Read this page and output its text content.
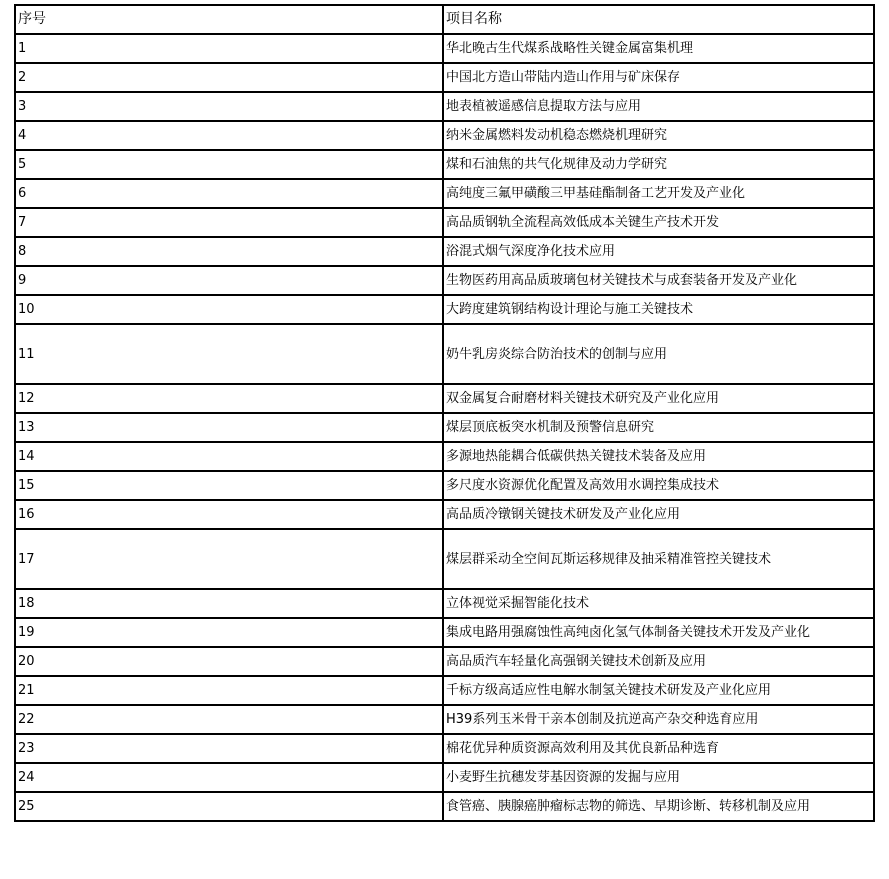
序号	项目名称
1	华北晚古生代煤系战略性关键金属富集机理
2	中国北方造山带陆内造山作用与矿床保存
3	地表植被遥感信息提取方法与应用
4	纳米金属燃料发动机稳态燃烧机理研究
5	煤和石油焦的共气化规律及动力学研究
6	高纯度三氟甲磺酸三甲基硅酯制备工艺开发及产业化
7	高品质钢轨全流程高效低成本关键生产技术开发
8	浴混式烟气深度净化技术应用
9	生物医药用高品质玻璃包材关键技术与成套装备开发及产业化
10	大跨度建筑钢结构设计理论与施工关键技术
11	奶牛乳房炎综合防治技术的创制与应用
12	双金属复合耐磨材料关键技术研究及产业化应用
13	煤层顶底板突水机制及预警信息研究
14	多源地热能耦合低碳供热关键技术装备及应用
15	多尺度水资源优化配置及高效用水调控集成技术
16	高品质冷镦钢关键技术研发及产业化应用
17	煤层群采动全空间瓦斯运移规律及抽采精准管控关键技术
18	立体视觉采掘智能化技术
19	集成电路用强腐蚀性高纯卤化氢气体制备关键技术开发及产业化
20	高品质汽车轻量化高强钢关键技术创新及应用
21	千标方级高适应性电解水制氢关键技术研发及产业化应用
22	H39系列玉米骨干亲本创制及抗逆高产杂交种选育应用
23	棉花优异种质资源高效利用及其优良新品种选育
24	小麦野生抗穗发芽基因资源的发掘与应用
25	食管癌、胰腺癌肿瘤标志物的筛选、早期诊断、转移机制及应用
